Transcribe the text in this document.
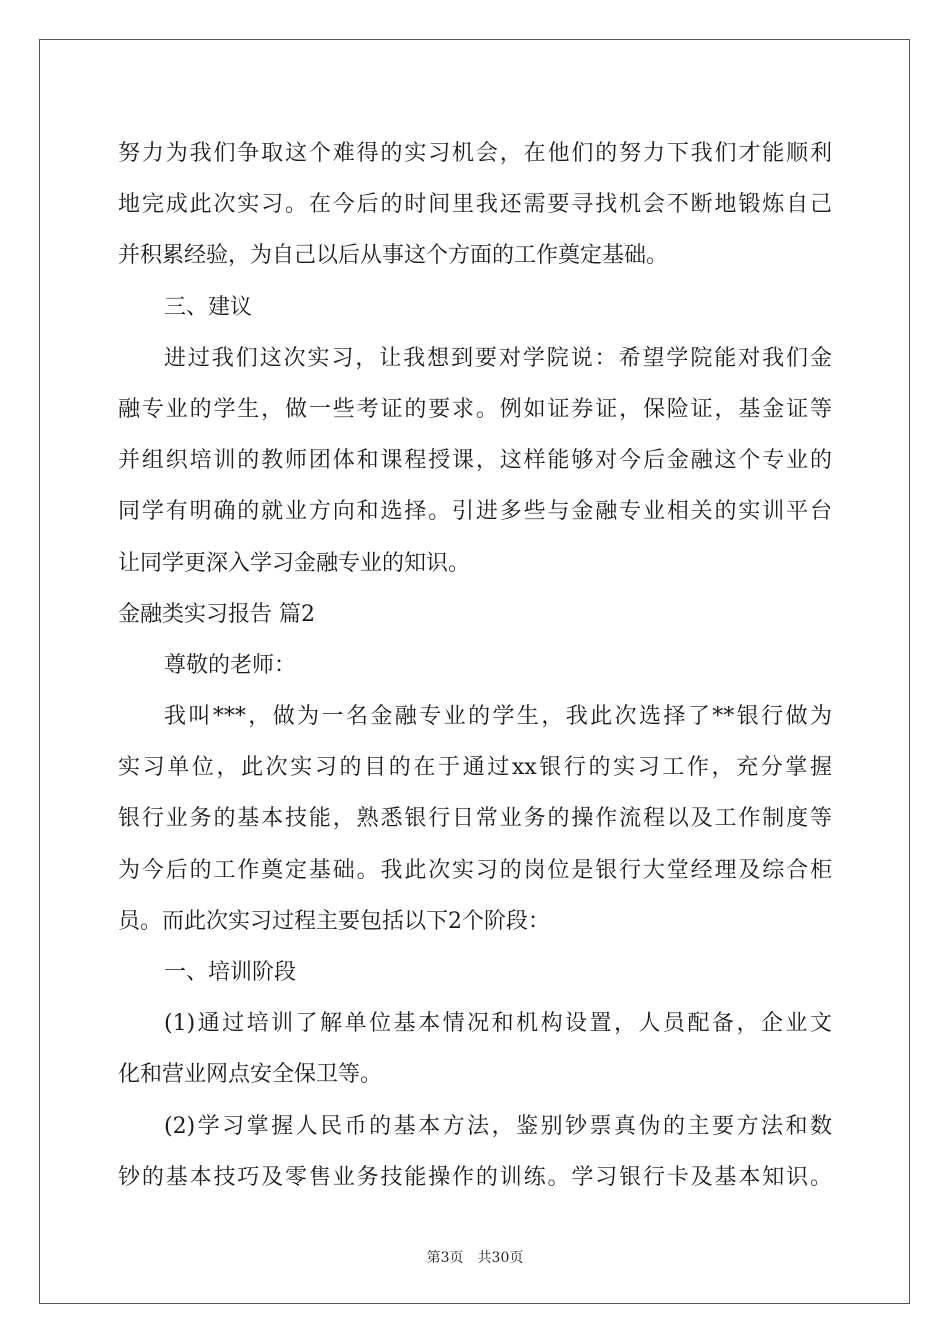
努力为我们争取这个难得的实习机会，在他们的努力下我们才能顺利
地完成此次实习。在今后的时间里我还需要寻找机会不断地锻炼自己
并积累经验，为自己以后从事这个方面的工作奠定基础。
三、建议
进过我们这次实习，让我想到要对学院说：希望学院能对我们金
融专业的学生，做一些考证的要求。例如证券证，保险证，基金证等
并组织培训的教师团体和课程授课，这样能够对今后金融这个专业的
同学有明确的就业方向和选择。引进多些与金融专业相关的实训平台
让同学更深入学习金融专业的知识。
金融类实习报告 篇2
尊敬的老师：
我叫***，做为一名金融专业的学生，我此次选择了**银行做为
实习单位，此次实习的目的在于通过xx银行的实习工作，充分掌握
银行业务的基本技能，熟悉银行日常业务的操作流程以及工作制度等
为今后的工作奠定基础。我此次实习的岗位是银行大堂经理及综合柜
员。而此次实习过程主要包括以下2个阶段：
一、培训阶段
(1)通过培训了解单位基本情况和机构设置，人员配备，企业文
化和营业网点安全保卫等。
(2)学习掌握人民币的基本方法，鉴别钞票真伪的主要方法和数
钞的基本技巧及零售业务技能操作的训练。学习银行卡及基本知识。
第3页 共30页
